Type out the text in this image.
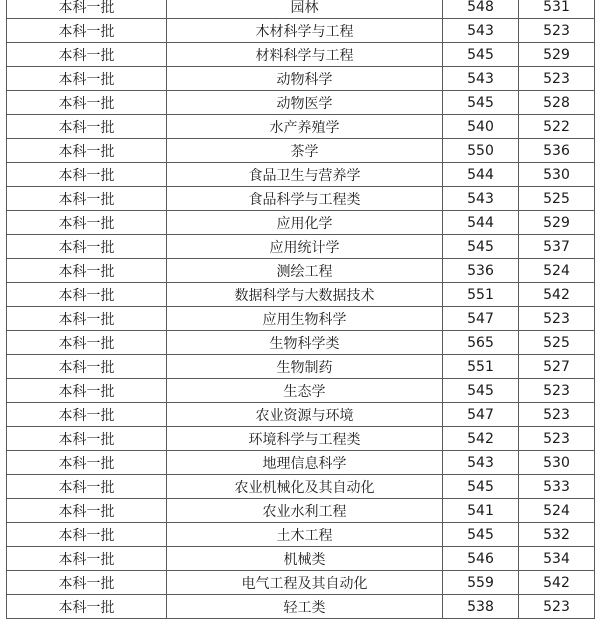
本科一批	园林	548	531
本科一批	木材科学与工程	543	523
本科一批	材料科学与工程	545	529
本科一批	动物科学	543	523
本科一批	动物医学	545	528
本科一批	水产养殖学	540	522
本科一批	茶学	550	536
本科一批	食品卫生与营养学	544	530
本科一批	食品科学与工程类	543	525
本科一批	应用化学	544	529
本科一批	应用统计学	545	537
本科一批	测绘工程	536	524
本科一批	数据科学与大数据技术	551	542
本科一批	应用生物科学	547	523
本科一批	生物科学类	565	525
本科一批	生物制药	551	527
本科一批	生态学	545	523
本科一批	农业资源与环境	547	523
本科一批	环境科学与工程类	542	523
本科一批	地理信息科学	543	530
本科一批	农业机械化及其自动化	545	533
本科一批	农业水利工程	541	524
本科一批	土木工程	545	532
本科一批	机械类	546	534
本科一批	电气工程及其自动化	559	542
本科一批	轻工类	538	523
